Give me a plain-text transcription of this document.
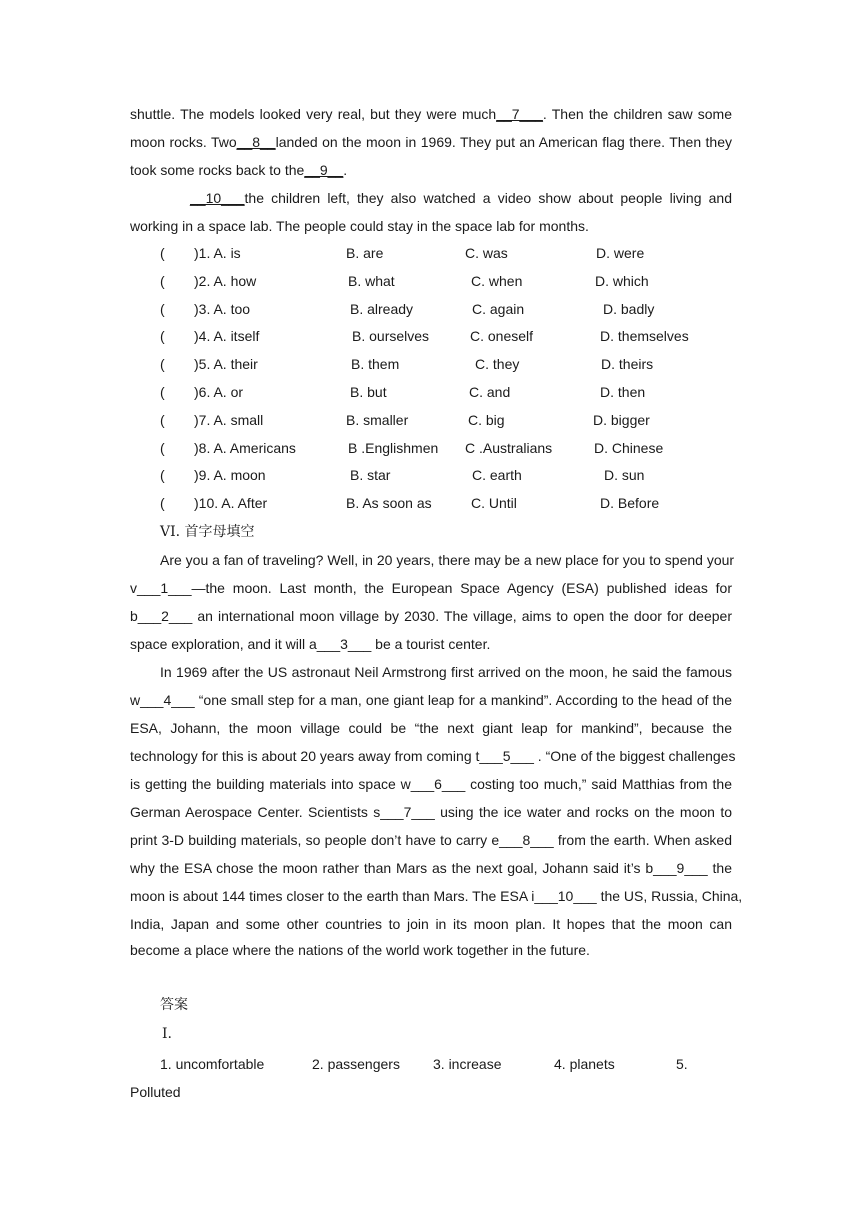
shuttle. The models looked very real, but they were much__7___. Then the children saw some
moon rocks. Two__8__landed on the moon in 1969. They put an American flag there. Then they
took some rocks back to the__9__.
__10___the children left, they also watched a video show about people living and
working in a space lab. The people could stay in the space lab for months.
( )1. A. is	B. are	C. was	D. were
( )2. A. how	B. what	C. when	D. which
( )3. A. too	B. already	C. again	D. badly
( )4. A. itself	B. ourselves	C. oneself	D. themselves
( )5. A. their	B. them	C. they	D. theirs
( )6. A. or	B. but	C. and	D. then
( )7. A. small	B. smaller	C. big	D. bigger
( )8. A. Americans	B .Englishmen C .Australians	D. Chinese
( )9. A. moon	B. star	C. earth	D. sun
( )10. A. After	B. As soon as	C. Until	D. Before
VI. 首字母填空
Are you a fan of traveling? Well, in 20 years, there may be a new place for you to spend your
v___1___—the moon. Last month, the European Space Agency (ESA) published ideas for
b___2___ an international moon village by 2030. The village, aims to open the door for deeper
space exploration, and it will a___3___ be a tourist center.
In 1969 after the US astronaut Neil Armstrong first arrived on the moon, he said the famous
w___4___ “one small step for a man, one giant leap for a mankind”. According to the head of the
ESA, Johann, the moon village could be “the next giant leap for mankind”, because the
technology for this is about 20 years away from coming t___5___ . “One of the biggest challenges
is getting the building materials into space w___6___ costing too much,” said Matthias from the
German Aerospace Center. Scientists s___7___ using the ice water and rocks on the moon to
print 3-D building materials, so people don’t have to carry e___8___ from the earth. When asked
why the ESA chose the moon rather than Mars as the next goal, Johann said it’s b___9___ the
moon is about 144 times closer to the earth than Mars. The ESA i___10___ the US, Russia, China,
India, Japan and some other countries to join in its moon plan. It hopes that the moon can
become a place where the nations of the world work together in the future.
答案
Ⅰ.
1. uncomfortable	2. passengers 3. increase	4. planets	5.
Polluted
